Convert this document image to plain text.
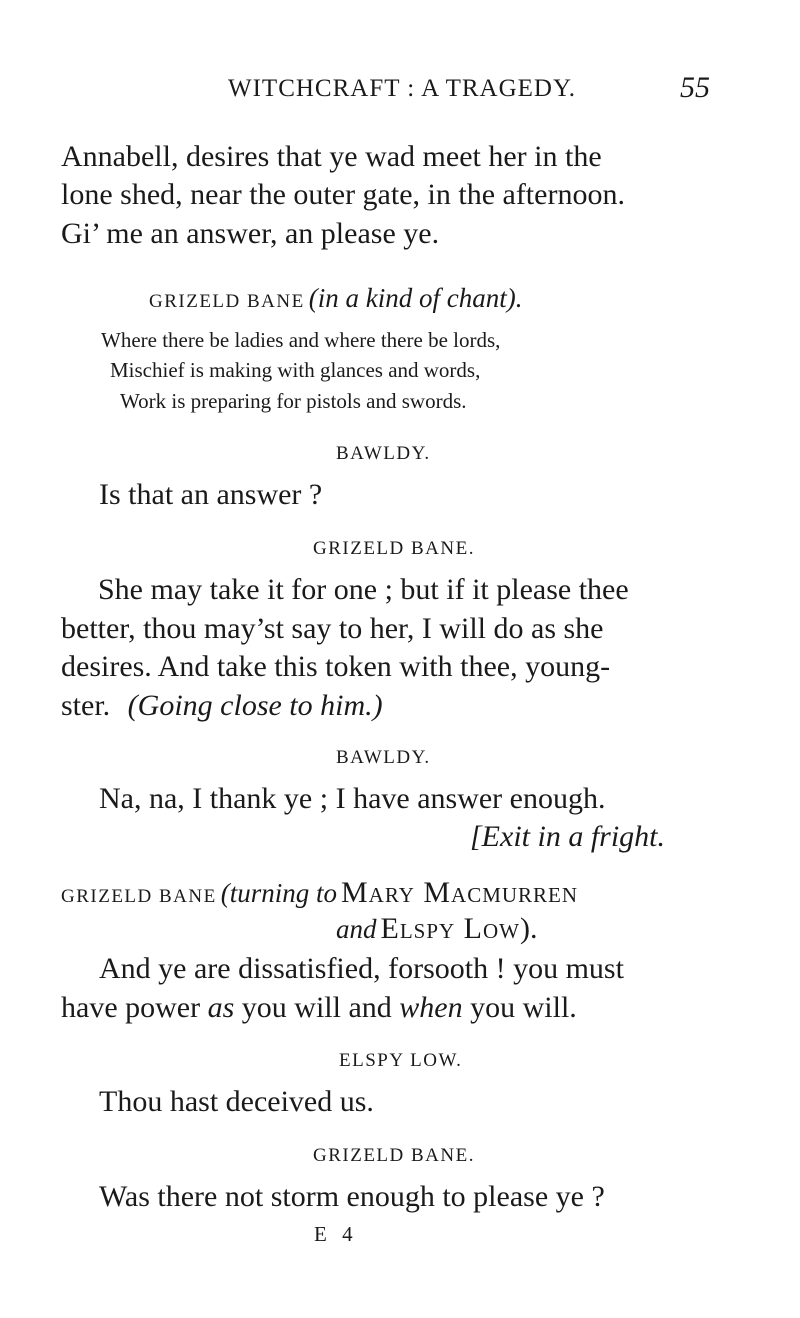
WITCHCRAFT : A TRAGEDY.	55
Annabell, desires that ye wad meet her in the
lone shed, near the outer gate, in the afternoon.
Gi’ me an answer, an please ye.
GRIZELD BANE (in a kind of chant).
Where there be ladies and where there be lords,
Mischief is making with glances and words,
Work is preparing for pistols and swords.
BAWLDY.
Is that an answer ?
GRIZELD BANE.
She may take it for one ; but if it please thee
better, thou may’st say to her, I will do as she
desires. And take this token with thee, young-
ster. (Going close to him.)
BAWLDY.
Na, na, I thank ye ; I have answer enough.
[Exit in a fright.
GRIZELD BANE (turning to Mary Macmurren
and Elspy Low).
And ye are dissatisfied, forsooth ! you must
have power as you will and when you will.
ELSPY LOW.
Thou hast deceived us.
GRIZELD BANE.
Was there not storm enough to please ye ?
E 4
